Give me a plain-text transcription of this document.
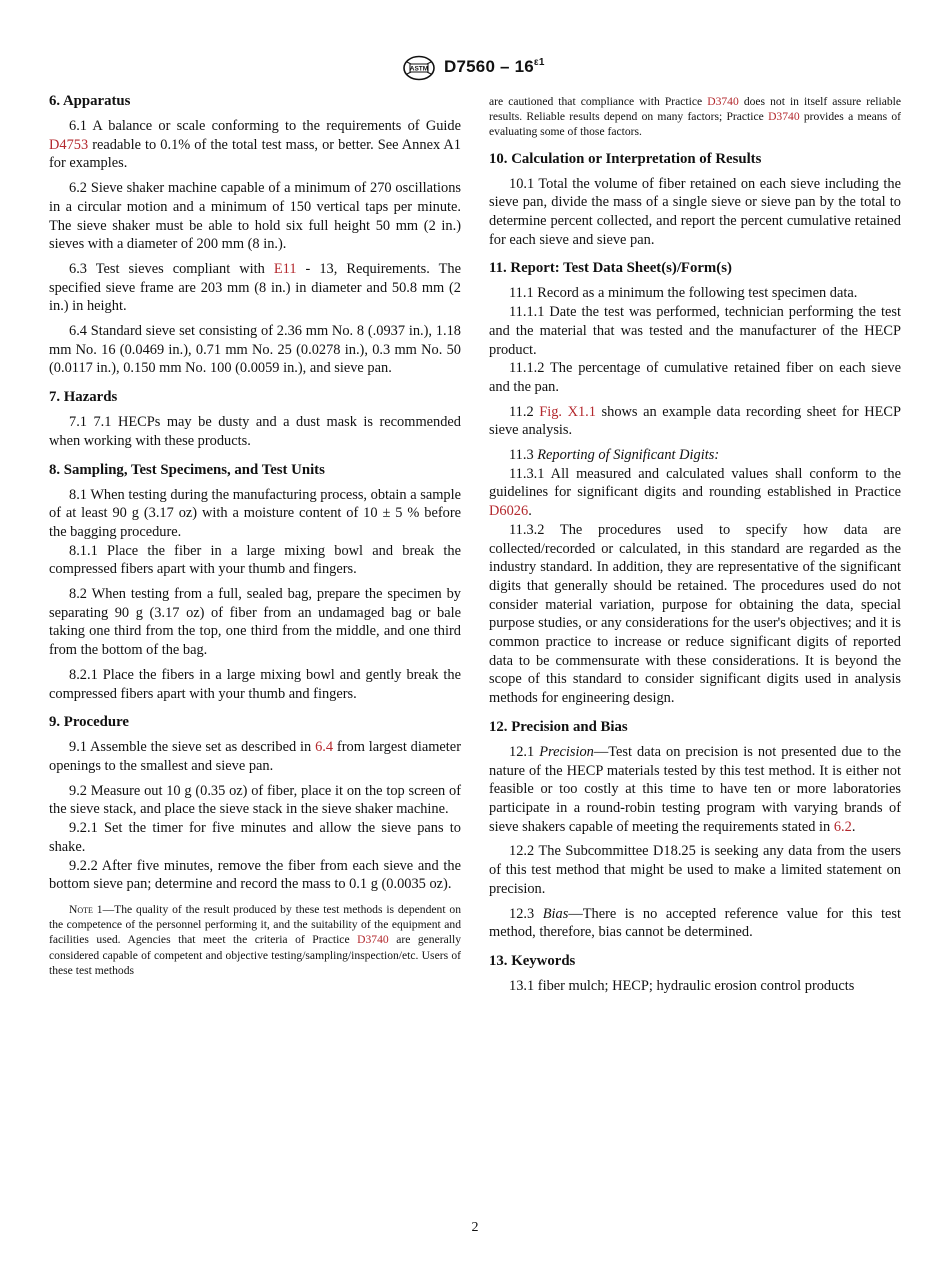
ASTM $D7560 - 16^{\varepsilon 1}$
6. Apparatus

6.1 A balance or scale conforming to the requirements of Guide D4753 readable to 0.1% of the total test mass, or better. See Annex A1 for examples.

6.2 Sieve shaker machine capable of a minimum of 270 oscillations in a circular motion and a minimum of 150 vertical taps per minute. The sieve shaker must be able to hold six full height 50 mm (2 in.) sieves with a diameter of 200 mm (8 in.).

6.3 Test sieves compliant with E11 - 13, Requirements. The specified sieve frame are 203 mm (8 in.) in diameter and 50.8 mm (2 in.) in height.

6.4 Standard sieve set consisting of 2.36 mm No. 8 (.0937 in.), 1.18 mm No. 16 (0.0469 in.), 0.71 mm No. 25 (0.0278 in.), 0.3 mm No. 50 (0.0117 in.), 0.150 mm No. 100 (0.0059 in.), and sieve pan.

7. Hazards

7.1 7.1 HECPs may be dusty and a dust mask is recommended when working with these products.

8. Sampling, Test Specimens, and Test Units

8.1 When testing during the manufacturing process, obtain a sample of at least 90 g (3.17 oz) with a moisture content of 10 ± 5 % before the bagging procedure.

8.1.1 Place the fiber in a large mixing bowl and break the compressed fibers apart with your thumb and fingers.

8.2 When testing from a full, sealed bag, prepare the specimen by separating 90 g (3.17 oz) of fiber from an undamaged bag or bale taking one third from the top, one third from the middle, and one third from the bottom of the bag.

8.2.1 Place the fibers in a large mixing bowl and gently break the compressed fibers apart with your thumb and fingers.

9. Procedure

9.1 Assemble the sieve set as described in 6.4 from largest diameter openings to the smallest and sieve pan.

9.2 Measure out 10 g (0.35 oz) of fiber, place it on the top screen of the sieve stack, and place the sieve stack in the sieve shaker machine.

9.2.1 Set the timer for five minutes and allow the sieve pans to shake.

9.2.2 After five minutes, remove the fiber from each sieve and the bottom sieve pan; determine and record the mass to 0.1 g (0.0035 oz).

Note 1—The quality of the result produced by these test methods is dependent on the competence of the personnel performing it, and the suitability of the equipment and facilities used. Agencies that meet the criteria of Practice D3740 are generally considered capable of competent and objective testing/sampling/inspection/etc. Users of these test methods

are cautioned that compliance with Practice D3740 does not in itself assure reliable results. Reliable results depend on many factors; Practice D3740 provides a means of evaluating some of those factors.

10. Calculation or Interpretation of Results

10.1 Total the volume of fiber retained on each sieve including the sieve pan, divide the mass of a single sieve or sieve pan by the total to determine percent collected, and report the percent cumulative retained for each sieve and sieve pan.

11. Report: Test Data Sheet(s)/Form(s)

11.1 Record as a minimum the following test specimen data.

11.1.1 Date the test was performed, technician performing the test and the material that was tested and the manufacturer of the HECP product.

11.1.2 The percentage of cumulative retained fiber on each sieve and the pan.

11.2 Fig. X1.1 shows an example data recording sheet for HECP sieve analysis.

11.3 Reporting of Significant Digits:

11.3.1 All measured and calculated values shall conform to the guidelines for significant digits and rounding established in Practice D6026.

11.3.2 The procedures used to specify how data are collected/recorded or calculated, in this standard are regarded as the industry standard. In addition, they are representative of the significant digits that generally should be retained. The procedures used do not consider material variation, purpose for obtaining the data, special purpose studies, or any considerations for the user's objectives; and it is common practice to increase or reduce significant digits of reported data to be commensurate with these considerations. It is beyond the scope of this standard to consider significant digits used in analysis methods for engineering design.

12. Precision and Bias

12.1 Precision—Test data on precision is not presented due to the nature of the HECP materials tested by this test method. It is either not feasible or too costly at this time to have ten or more laboratories participate in a round-robin testing program with varying brands of sieve shakers capable of meeting the requirements stated in 6.2.

12.2 The Subcommittee D18.25 is seeking any data from the users of this test method that might be used to make a limited statement on precision.

12.3 Bias—There is no accepted reference value for this test method, therefore, bias cannot be determined.

13. Keywords

13.1 fiber mulch; HECP; hydraulic erosion control products

2
